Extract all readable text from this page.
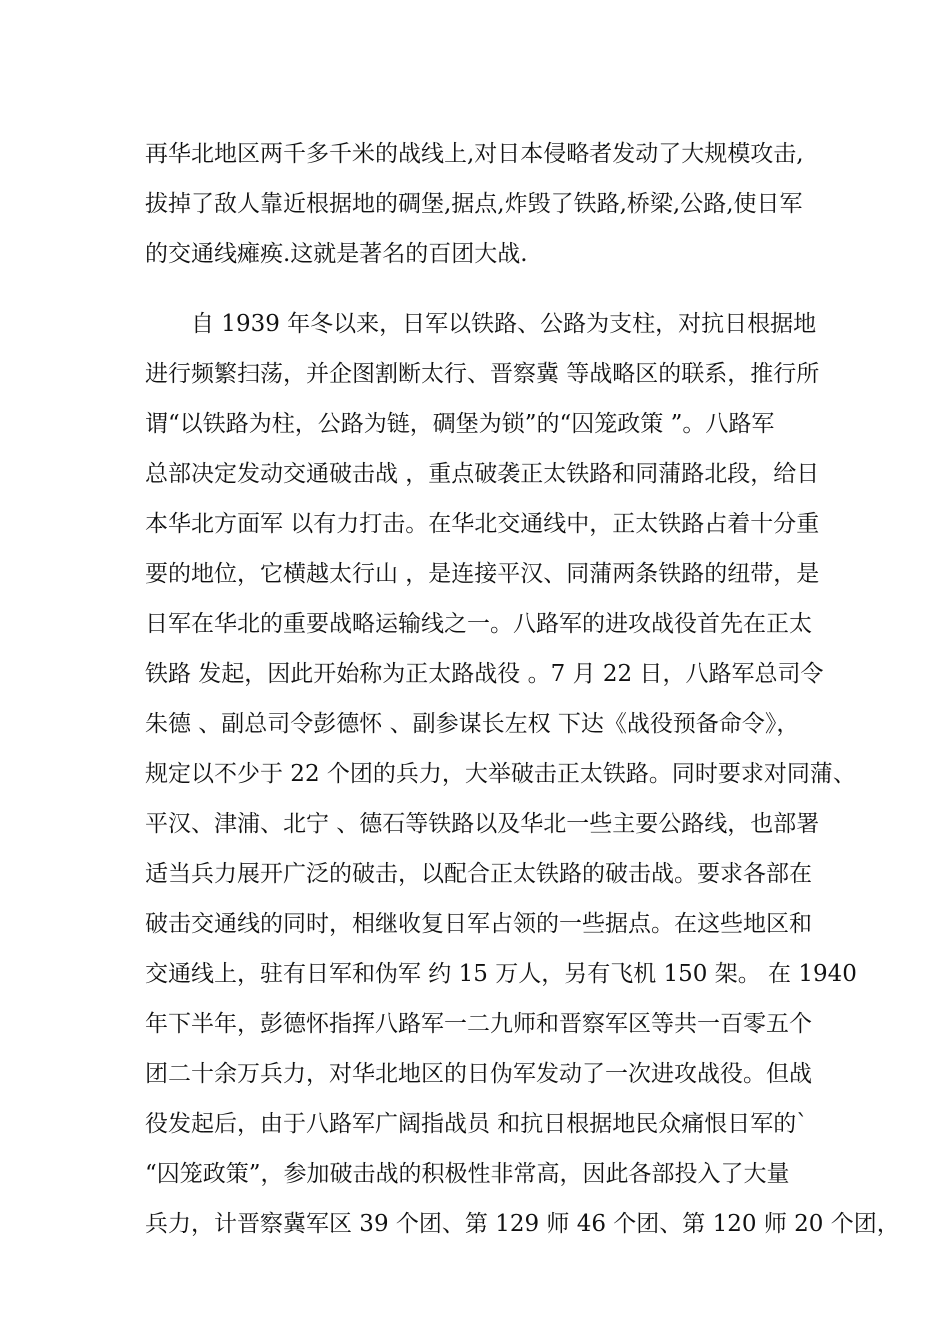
再华北地区两千多千米的战线上,对日本侵略者发动了大规模攻击,
拔掉了敌人靠近根据地的碉堡,据点,炸毁了铁路,桥梁,公路,使日军
的交通线瘫痪.这就是著名的百团大战.
　　自 1939 年冬以来，日军以铁路、公路为支柱，对抗日根据地
进行频繁扫荡，并企图割断太行、晋察冀 等战略区的联系，推行所
谓“以铁路为柱，公路为链，碉堡为锁”的“囚笼政策 ”。八路军
总部决定发动交通破击战 ，重点破袭正太铁路和同蒲路北段，给日
本华北方面军 以有力打击。在华北交通线中，正太铁路占着十分重
要的地位，它横越太行山 ，是连接平汉、同蒲两条铁路的纽带，是
日军在华北的重要战略运输线之一。八路军的进攻战役首先在正太
铁路 发起，因此开始称为正太路战役 。7 月 22 日，八路军总司令
朱德 、副总司令彭德怀 、副参谋长左权 下达《战役预备命令》，
规定以不少于 22 个团的兵力，大举破击正太铁路。同时要求对同蒲、
平汉、津浦、北宁 、德石等铁路以及华北一些主要公路线，也部署
适当兵力展开广泛的破击，以配合正太铁路的破击战。要求各部在
破击交通线的同时，相继收复日军占领的一些据点。在这些地区和
交通线上，驻有日军和伪军 约 15 万人，另有飞机 150 架。 在 1940
年下半年，彭德怀指挥八路军一二九师和晋察军区等共一百零五个
团二十余万兵力，对华北地区的日伪军发动了一次进攻战役。但战
役发起后，由于八路军广阔指战员 和抗日根据地民众痛恨日军的`
“囚笼政策”，参加破击战的积极性非常高，因此各部投入了大量
兵力，计晋察冀军区 39 个团、第 129 师 46 个团、第 120 师 20 个团，
